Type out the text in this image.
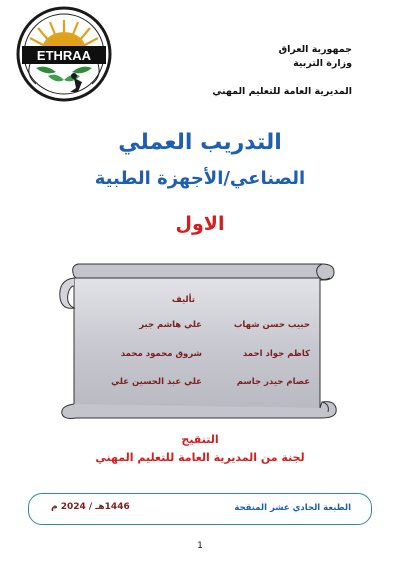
جمهورية العراق
وزارة التربية
المديرية العامة للتعليم المهني
ETHRAA
التدريب العملي
الصناعي/الأجهزة الطبية
الاول
تأليف
حبيب حسن شهاب
علي هاشم جبر
كاظم جواد احمد
شروق محمود محمد
عصام حيدر جاسم
علي عبد الحسين علي
التنقيح
لجنة من المديرية العامة للتعليم المهني
الطبعة الحادي عشر المنقحة
1446هـ / 2024 م
1
